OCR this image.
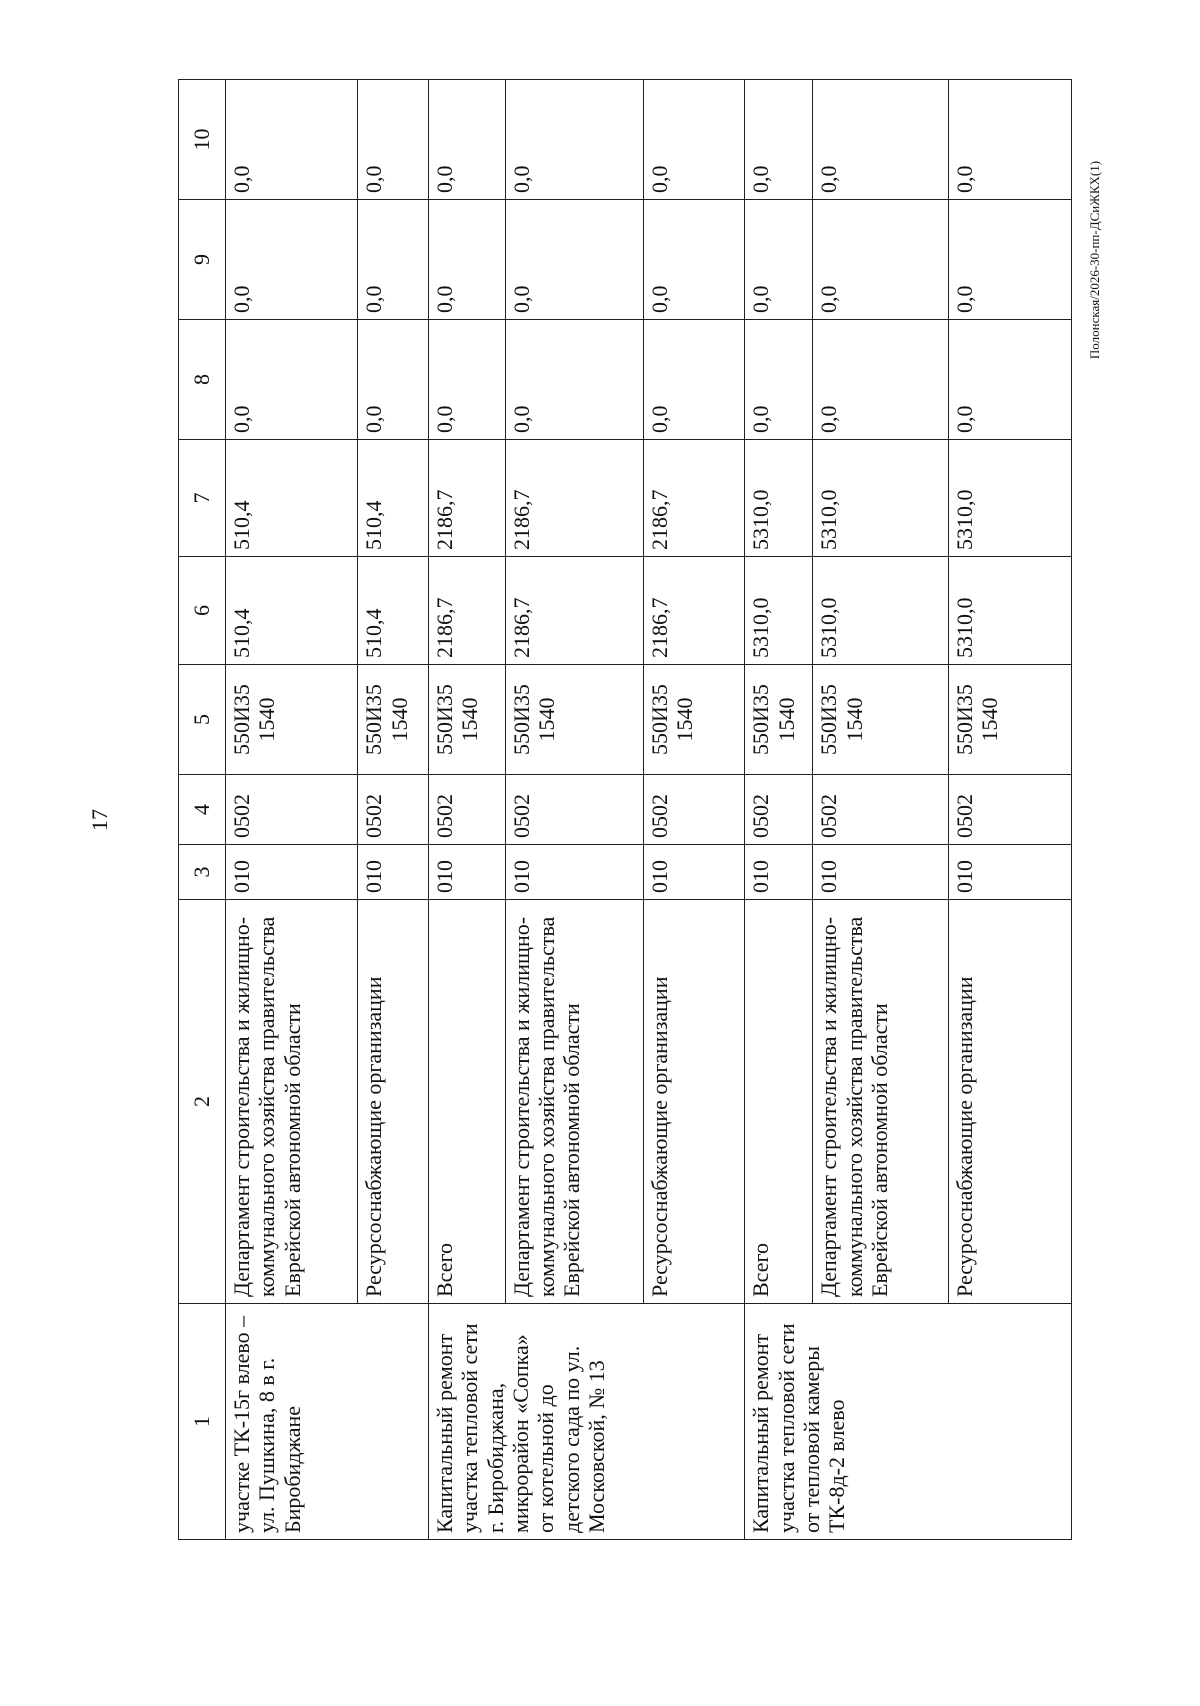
17
Полонская/2026-30-пп-ДСиЖКХ(1)
1	2	3	4	5	6	7	8	9	10
участке ТК-15г влево – ул. Пушкина, 8 в г. Биробиджане	Департамент строительства и жилищно-коммунального хозяйства правительства Еврейской автономной области	010	0502	550И35 1540	510,4	510,4	0,0	0,0	0,0
	Ресурсоснабжающие организации	010	0502	550И35 1540	510,4	510,4	0,0	0,0	0,0
Капитальный ремонт участка тепловой сети г. Биробиджана, микрорайон «Сопка» от котельной до детского сада по ул. Московской, № 13	Всего	010	0502	550И35 1540	2186,7	2186,7	0,0	0,0	0,0
	Департамент строительства и жилищно-коммунального хозяйства правительства Еврейской автономной области	010	0502	550И35 1540	2186,7	2186,7	0,0	0,0	0,0
	Ресурсоснабжающие организации	010	0502	550И35 1540	2186,7	2186,7	0,0	0,0	0,0
Капитальный ремонт участка тепловой сети от тепловой камеры ТК-8д-2 влево	Всего	010	0502	550И35 1540	5310,0	5310,0	0,0	0,0	0,0
	Департамент строительства и жилищно-коммунального хозяйства правительства Еврейской автономной области	010	0502	550И35 1540	5310,0	5310,0	0,0	0,0	0,0
	Ресурсоснабжающие организации	010	0502	550И35 1540	5310,0	5310,0	0,0	0,0	0,0
